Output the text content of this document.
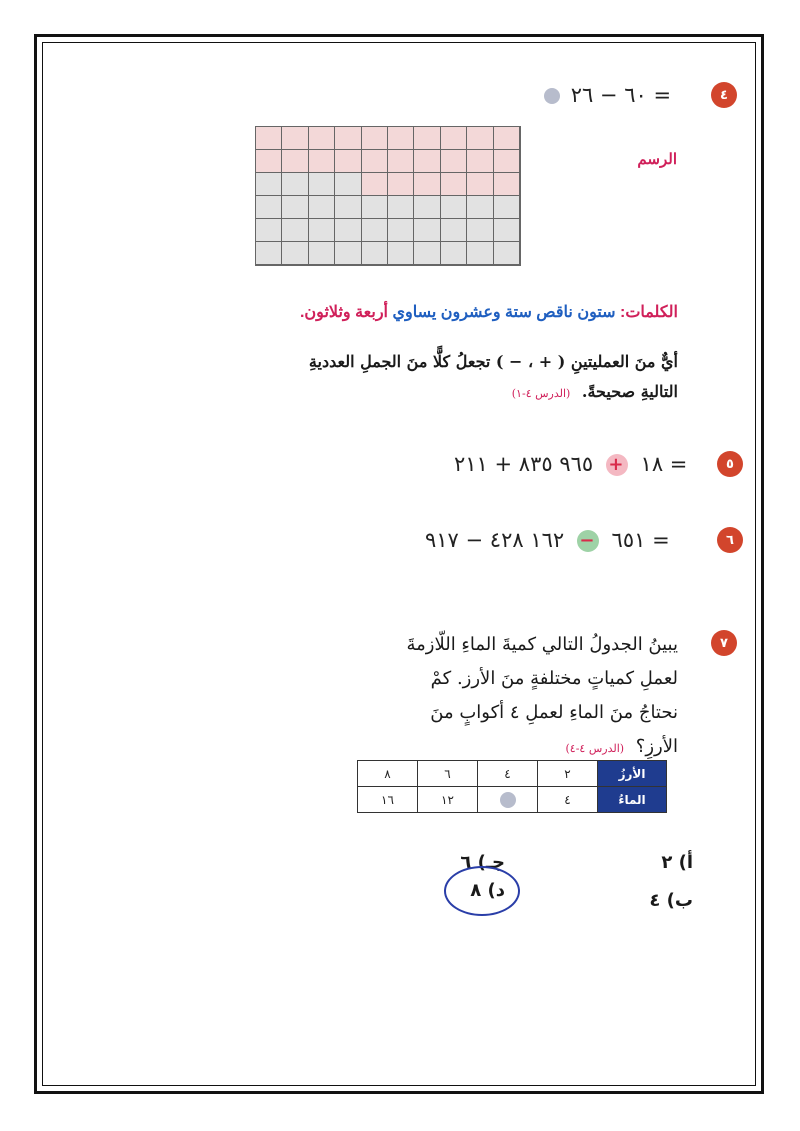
٤
٦٠ − ٢٦ =
الرسم
الكلمات: ستون ناقص ستة وعشرون يساوي أربعة وثلاثون.
أيٌّ منَ العمليتينِ ( + ، − ) تجعلُ كلًّا منَ الجملِ العدديةِ
التاليةِ صحيحةً. (الدرس ٤-١)
٥
١٨ + ٩٦٥ ٨٣٥ + ٢١١ =
٦
٦٥١ − ١٦٢ ٤٢٨ − ٩١٧ =
٧
يبينُ الجدولُ التالي كميةَ الماءِ اللّازمةَ
لعملِ كمياتٍ مختلفةٍ منَ الأرز. كمْ
نحتاجُ منَ الماءِ لعملِ ٤ أكوابٍ منَ
الأرزِ؟ (الدرس ٤-٤)
الأرزُ	٢	٤	٦	٨
الماءُ	٤		١٢	١٦
أ) ٢
جـ) ٦
ب) ٤
د) ٨
